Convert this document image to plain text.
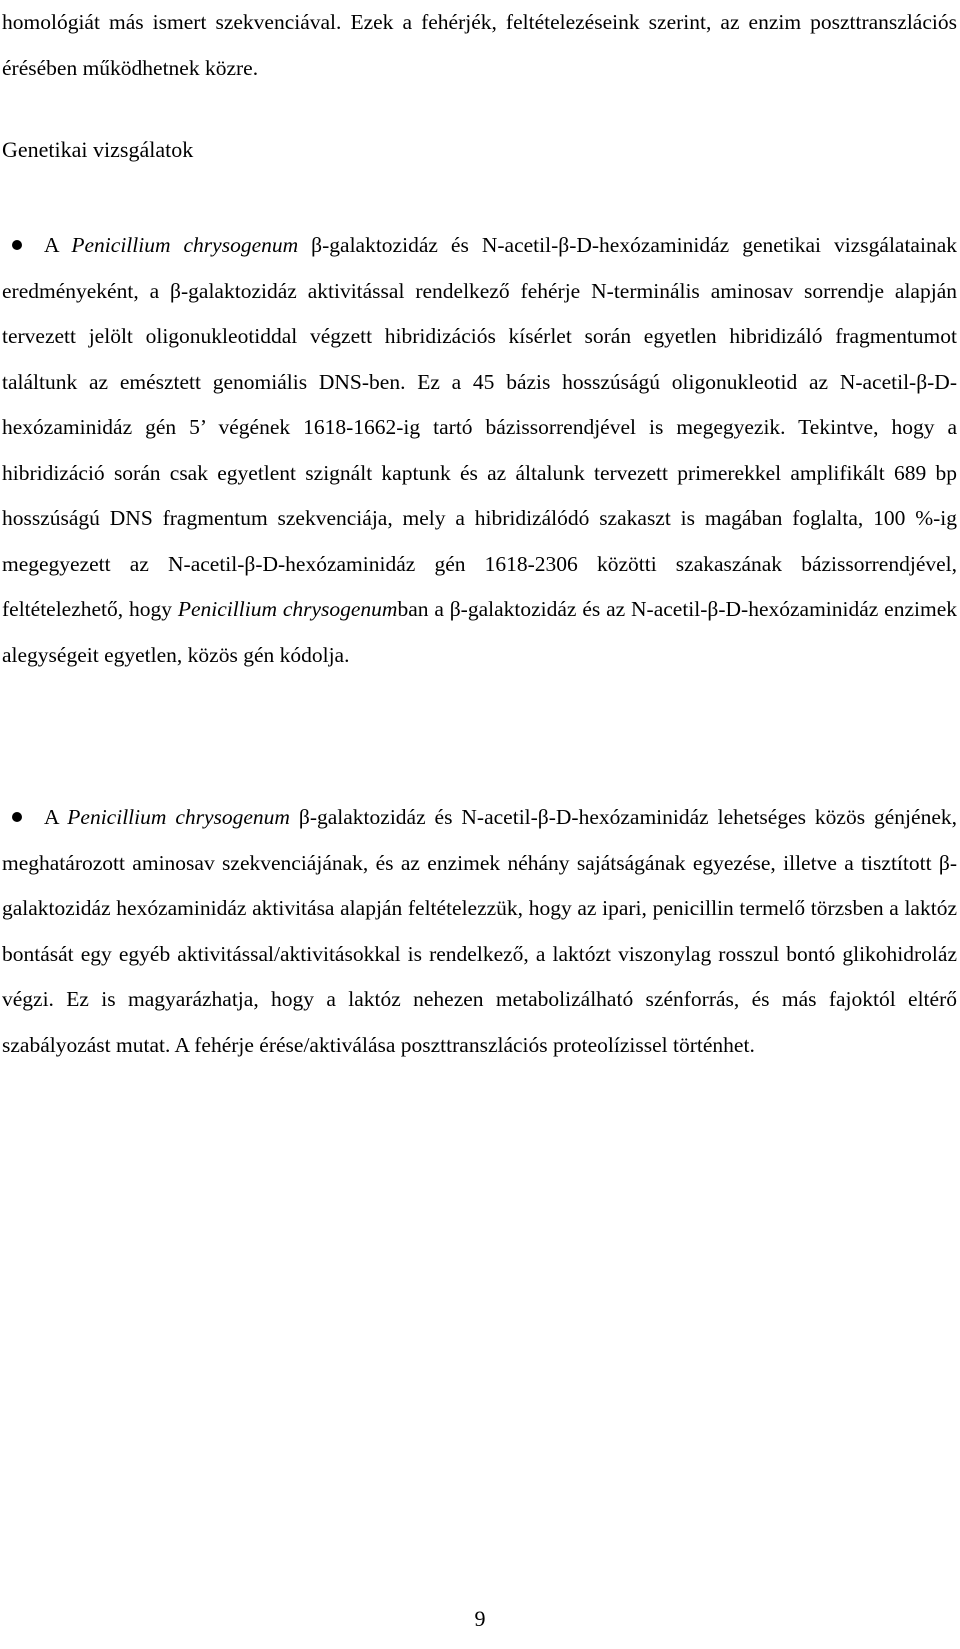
homológiát más ismert szekvenciával. Ezek a fehérjék, feltételezéseink szerint, az enzim poszttranszlációs érésében működhetnek közre.

Genetikai vizsgálatok

A Penicillium chrysogenum β-galaktozidáz és N-acetil-β-D-hexózaminidáz genetikai vizsgálatainak eredményeként, a β-galaktozidáz aktivitással rendelkező fehérje N-terminális aminosav sorrendje alapján tervezett jelölt oligonukleotiddal végzett hibridizációs kísérlet során egyetlen hibridizáló fragmentumot találtunk az emésztett genomiális DNS-ben. Ez a 45 bázis hosszúságú oligonukleotid az N-acetil-β-D-hexózaminidáz gén 5’ végének 1618-1662-ig tartó bázissorrendjével is megegyezik. Tekintve, hogy a hibridizáció során csak egyetlent szignált kaptunk és az általunk tervezett primerekkel amplifikált 689 bp hosszúságú DNS fragmentum szekvenciája, mely a hibridizálódó szakaszt is magában foglalta, 100 %-ig megegyezett az N-acetil-β-D-hexózaminidáz gén 1618-2306 közötti szakaszának bázissorrendjével, feltételezhető, hogy Penicillium chrysogenumban a β-galaktozidáz és az N-acetil-β-D-hexózaminidáz enzimek alegységeit egyetlen, közös gén kódolja.

A Penicillium chrysogenum β-galaktozidáz és N-acetil-β-D-hexózaminidáz lehetséges közös génjének, meghatározott aminosav szekvenciájának, és az enzimek néhány sajátságának egyezése, illetve a tisztított β-galaktozidáz hexózaminidáz aktivitása alapján feltételezzük, hogy az ipari, penicillin termelő törzsben a laktóz bontását egy egyéb aktivitással/aktivitásokkal is rendelkező, a laktózt viszonylag rosszul bontó glikohidroláz végzi. Ez is magyarázhatja, hogy a laktóz nehezen metabolizálható szénforrás, és más fajoktól eltérő szabályozást mutat. A fehérje érése/aktiválása poszttranszlációs proteolízissel történhet.

9
